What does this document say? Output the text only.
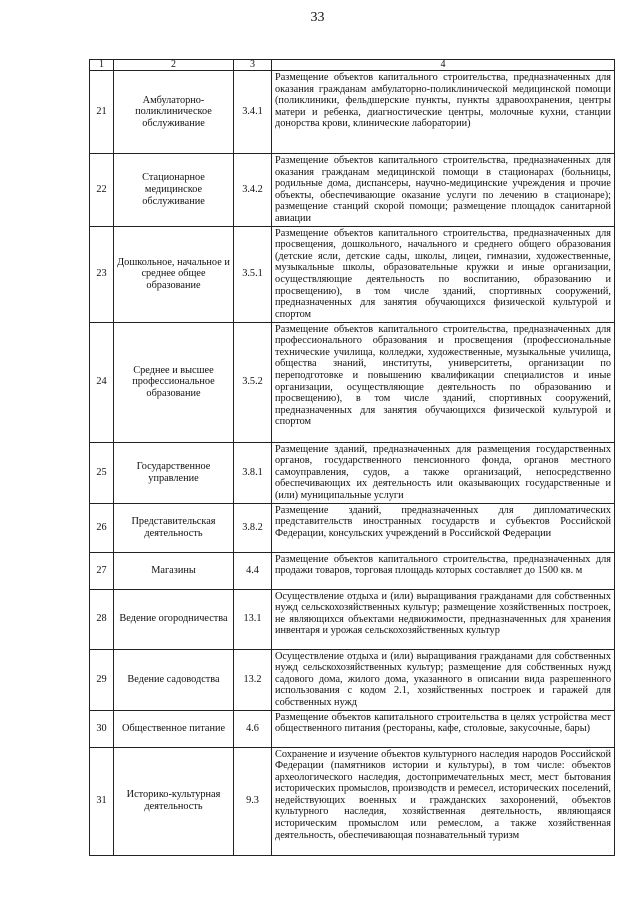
33
1	2	3	4
21	Амбулаторно-поликлиническое обслуживание	3.4.1	Размещение объектов капитального строительства, предназначенных для оказания гражданам амбулаторно-поликлинической медицинской помощи (поликлиники, фельдшерские пункты, пункты здравоохранения, центры матери и ребенка, диагностические центры, молочные кухни, станции донорства крови, клинические лаборатории)
22	Стационарное медицинское обслуживание	3.4.2	Размещение объектов капитального строительства, предназначенных для оказания гражданам медицинской помощи в стационарах (больницы, родильные дома, диспансеры, научно-медицинские учреждения и прочие объекты, обеспечивающие оказание услуги по лечению в стационаре); размещение станций скорой помощи; размещение площадок санитарной авиации
23	Дошкольное, начальное и среднее общее образование	3.5.1	Размещение объектов капитального строительства, предназначенных для просвещения, дошкольного, начального и среднего общего образования (детские ясли, детские сады, школы, лицеи, гимназии, художественные, музыкальные школы, образовательные кружки и иные организации, осуществляющие деятельность по воспитанию, образованию и просвещению), в том числе зданий, спортивных сооружений, предназначенных для занятия обучающихся физической культурой и спортом
24	Среднее и высшее профессиональное образование	3.5.2	Размещение объектов капитального строительства, предназначенных для профессионального образования и просвещения (профессиональные технические училища, колледжи, художественные, музыкальные училища, общества знаний, институты, университеты, организации по переподготовке и повышению квалификации специалистов и иные организации, осуществляющие деятельность по образованию и просвещению), в том числе зданий, спортивных сооружений, предназначенных для занятия обучающихся физической культурой и спортом
25	Государственное управление	3.8.1	Размещение зданий, предназначенных для размещения государственных органов, государственного пенсионного фонда, органов местного самоуправления, судов, а также организаций, непосредственно обеспечивающих их деятельность или оказывающих государственные и (или) муниципальные услуги
26	Представительская деятельность	3.8.2	Размещение зданий, предназначенных для дипломатических представительств иностранных государств и субъектов Российской Федерации, консульских учреждений в Российской Федерации
27	Магазины	4.4	Размещение объектов капитального строительства, предназначенных для продажи товаров, торговая площадь которых составляет до 1500 кв. м
28	Ведение огородничества	13.1	Осуществление отдыха и (или) выращивания гражданами для собственных нужд сельскохозяйственных культур; размещение хозяйственных построек, не являющихся объектами недвижимости, предназначенных для хранения инвентаря и урожая сельскохозяйственных культур
29	Ведение садоводства	13.2	Осуществление отдыха и (или) выращивания гражданами для собственных нужд сельскохозяйственных культур; размещение для собственных нужд садового дома, жилого дома, указанного в описании вида разрешенного использования с кодом 2.1, хозяйственных построек и гаражей для собственных нужд
30	Общественное питание	4.6	Размещение объектов капитального строительства в целях устройства мест общественного питания (рестораны, кафе, столовые, закусочные, бары)
31	Историко-культурная деятельность	9.3	Сохранение и изучение объектов культурного наследия народов Российской Федерации (памятников истории и культуры), в том числе: объектов археологического наследия, достопримечательных мест, мест бытования исторических промыслов, производств и ремесел, исторических поселений, недействующих военных и гражданских захоронений, объектов культурного наследия, хозяйственная деятельность, являющаяся историческим промыслом или ремеслом, а также хозяйственная деятельность, обеспечивающая познавательный туризм
